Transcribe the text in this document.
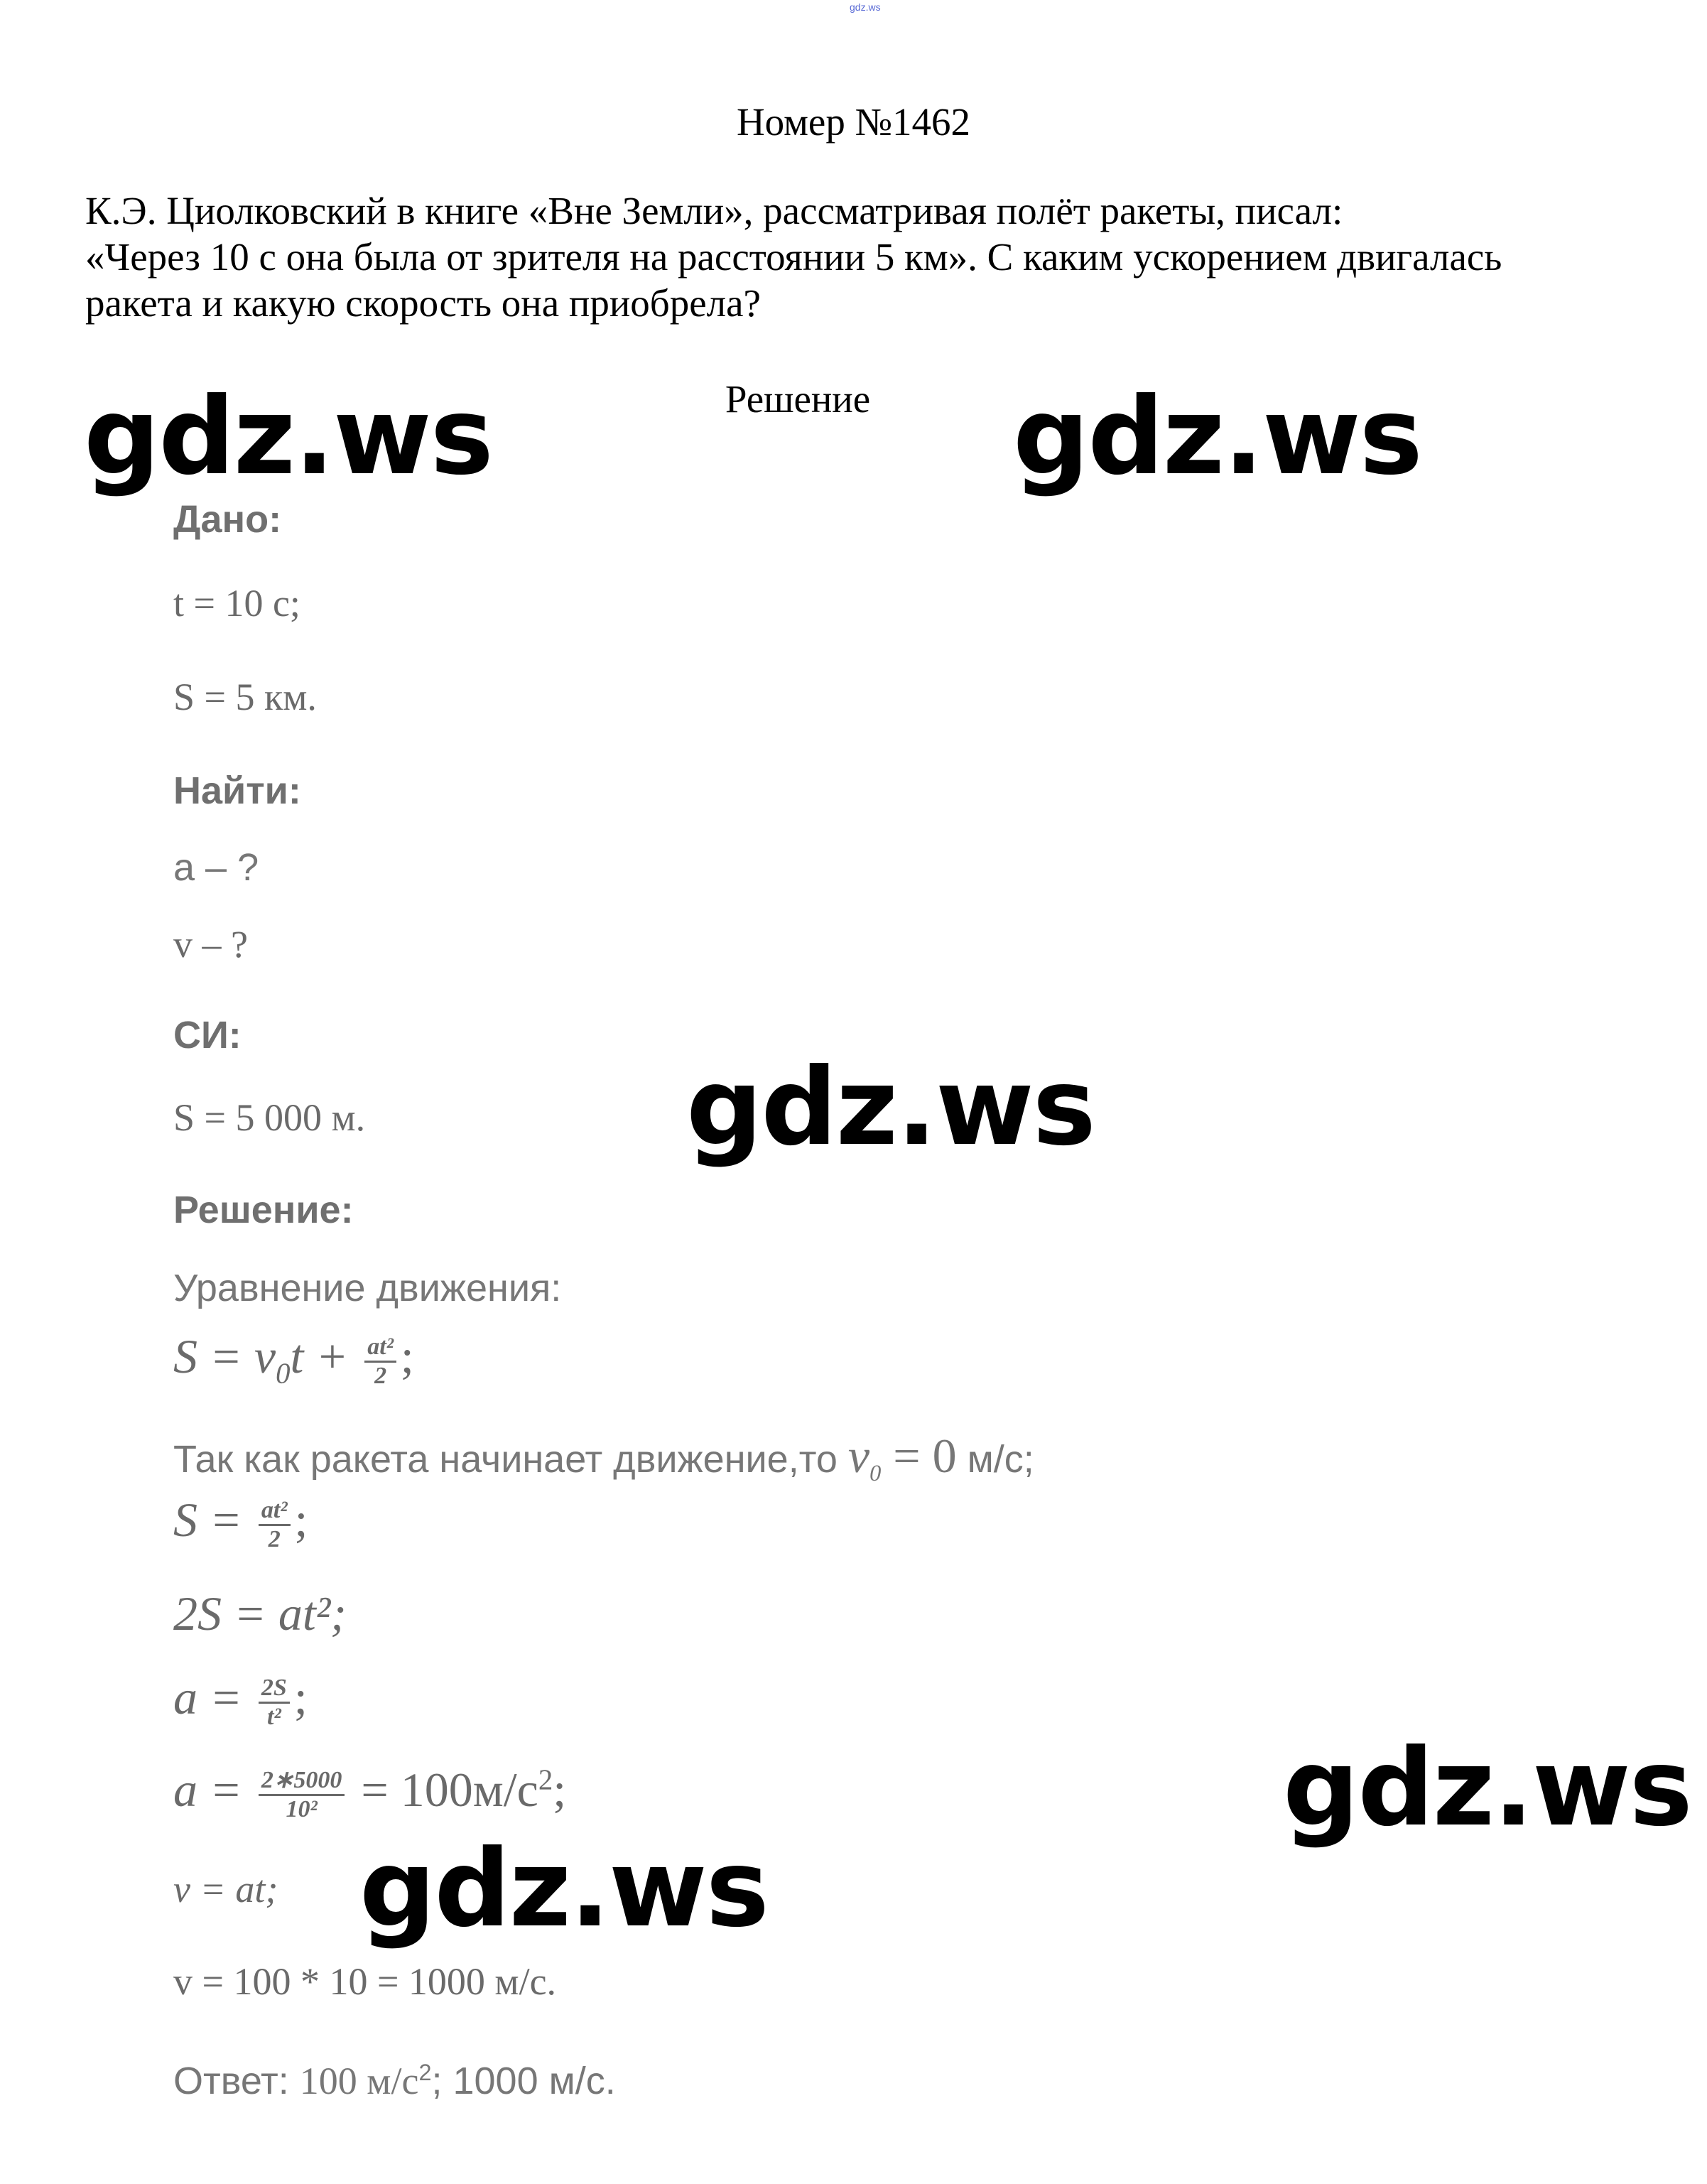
gdz.ws
Номер №1462

К.Э. Циолковский в книге «Вне Земли», рассматривая полёт ракеты, писал:
«Через 10 с она была от зрителя на расстоянии 5 км». С каким ускорением двигалась
ракета и какую скорость она приобрела?

Решение
gdz.ws	gdz.ws
gdz.ws
gdz.ws
gdz.ws
Дано:
t = 10 c;
S = 5 км.
Найти:
a – ?
v – ?
СИ:
S = 5 000 м.
Решение:
Уравнение движения:
$S = v_0t + \frac{\text{at²}}{2}$ ;
Так как ракета начинает движение,то $v_0 = 0$ м/с;
$S = \frac{\text{at²}}{2}$ ;
2S = at²;
$a = \frac{2S}{\text{t²}}$ ;
$a = \frac{2∗5000}{\text{10²}} = 100м/с^2$;
v = at;
v = 100 * 10 = 1000 м/с.
Ответ: 100 $м/с^2$; 1000 м/с.
